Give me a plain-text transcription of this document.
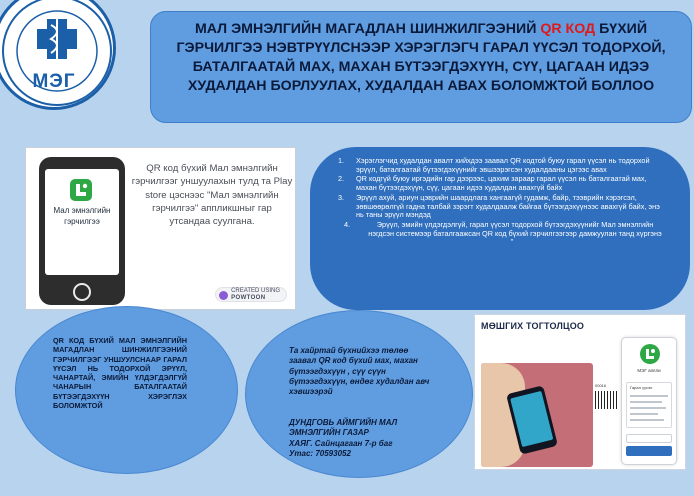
МЭГ
МАЛ ЭМНЭЛГИЙН МАГАДЛАН ШИНЖИЛГЭЭНИЙ QR КОД БҮХИЙ ГЭРЧИЛГЭЭ НЭВТРҮҮЛСНЭЭР ХЭРЭГЛЭГЧ ГАРАЛ ҮҮСЭЛ ТОДОРХОЙ, БАТАЛГААТАЙ МАХ, МАХАН БҮТЭЭГДЭХҮҮН, СҮҮ, ЦАГААН ИДЭЭ ХУДАЛДАН БОРЛУУЛАХ, ХУДАЛДАН АВАХ БОЛОМЖТОЙ БОЛЛОО
Мал эмнэлгийн гэрчилгээ
QR код бүхий Мал эмнэлгийн гэрчилгээг уншуулахын тулд та Play store цэснээс "Мал эмнэлгийн гэрчилгээ" аппликшныг гар утсандаа суулгана.
CREATED USING
POWTOON
1. Хэрэглэгчид худалдан авалт хийхдээ заавал QR кодтой буюу гарал үүсэл нь тодорхой эрүүл, баталгаатай бүтээгдэхүүнийг эвшээрэгсэн худалдааны цэгээс авах
2. QR кодгүй буюу иргэдийн гар дээрээс, цахим зараар гарал үүсэл нь баталгаатай мах, махан бүтээгдэхүүн, сүү, цагаан идээ худалдан авахгүй байх
3. Эрүүл ахуй, ариун цэврийн шаардлага хангаагүй гудамж, байр, тээврийн хэрэгсэл, зөвшөөрөлгүй гадна талбай зэрэгт худалдаалж байгаа бүтээгдэхүүнээс авахгүй байх, энэ нь таны эрүүл мэндэд
4.	Эрүүл, эмийн үлдэгдэлгүй, гарал үүсэл тодорхой бүтээгдэхүүнийг Мал эмнэлгийн нэгдсэн системээр баталгаажсан QR код бүхий гэрчилгээгээр дамжуулан танд хүргэнэ
"
QR КОД БҮХИЙ МАЛ ЭМНЭЛГИЙН МАГАДЛАН ШИНЖИЛГЭЭНИЙ ГЭРЧИЛГЭЭГ УНШУУЛСНААР ГАРАЛ ҮҮСЭЛ НЬ ТОДОРХОЙ ЭРҮҮЛ, ЧАНАРТАЙ, ЭМИЙН ҮЛДЭГДЭЛГҮЙ ЧАНАРЫН БАТАЛГААТАЙ БҮТЭЭГДЭХҮҮН ХЭРЭГЛЭХ БОЛОМЖТОЙ
Та хайртай бүхнийхээ төлөө заавал QR код бүхий мах, махан бүтээгдэхүүн , сүү сүүн бүтээгдэхүүн, өндөг худалдан авч хэвшээрэй
ДУНДГОВЬ АЙМГИЙН МАЛ ЭМНЭЛГИЙН ГАЗАР
ХАЯГ. Сайнцагаан 7-р баг
Утас: 70593052
МӨШГИХ ТОГТОЛЦОО
00016
МЭГ аппли
Гарал үүсэл
